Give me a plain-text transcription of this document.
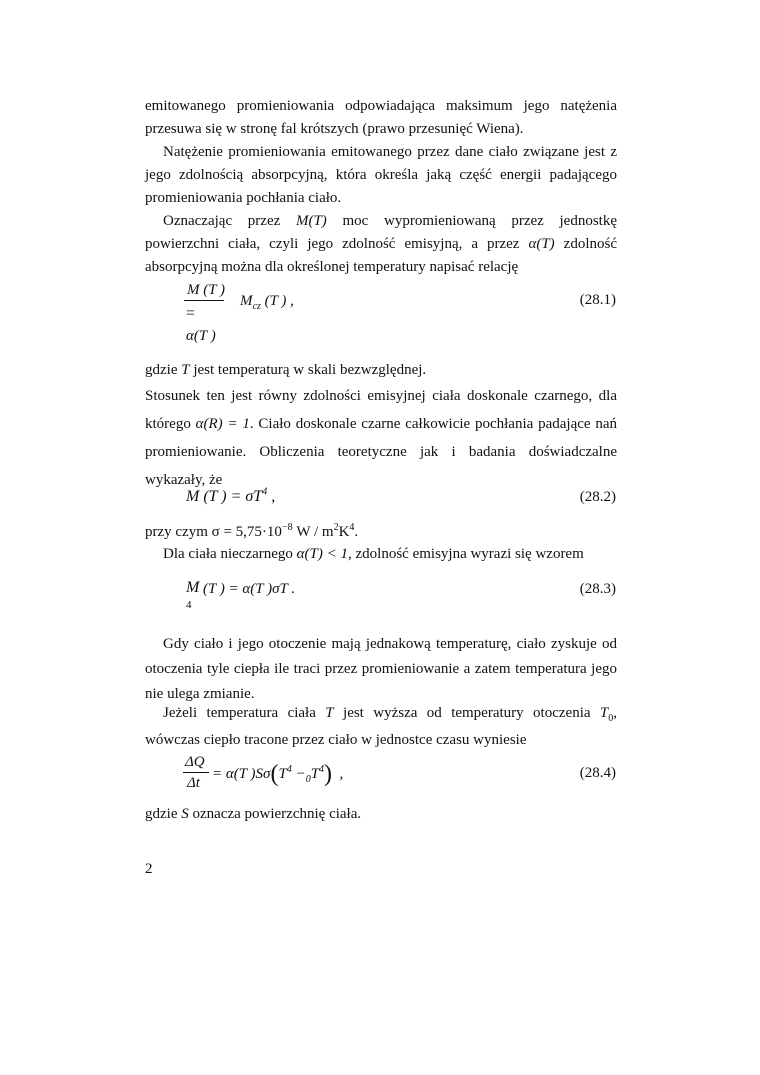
emitowanego promieniowania odpowiadająca maksimum jego natężenia przesuwa się w stronę fal krótszych (prawo przesunięć Wiena).

Natężenie promieniowania emitowanego przez dane ciało związane jest z jego zdolnością absorpcyjną, która określa jaką część energii padającego promieniowania pochłania ciało.

Oznaczając przez M(T) moc wypromieniowaną przez jednostkę powierzchni ciała, czyli jego zdolność emisyjną, a przez α(T) zdolność absorpcyjną można dla określonej temperatury napisać relację

M (T )
=
α(T )
$M_{cz}$ (T ) ,	(28.1)

gdzie T jest temperaturą w skali bezwzględnej.

Stosunek ten jest równy zdolności emisyjnej ciała doskonale czarnego, dla którego α(R) = 1. Ciało doskonale czarne całkowicie pochłania padające nań promieniowanie. Obliczenia teoretyczne jak i badania doświadczalne wykazały, że

M (T ) = $\sigma T^4$ ,	(28.2)

przy czym $\sigma = 5,75\cdot 10^{-8}$ W / $m^2K^4$.

Dla ciała nieczarnego α(T) < 1, zdolność emisyjna wyrazi się wzorem

M
4
(T ) = α(T )σT .	(28.3)

Gdy ciało i jego otoczenie mają jednakową temperaturę, ciało zyskuje od otoczenia tyle ciepła ile traci przez promieniowanie a zatem temperatura jego nie ulega zmianie.

Jeżeli temperatura ciała T jest wyższa od temperatury otoczenia $T_0$, wówczas ciepło tracone przez ciało w jednostce czasu wyniesie

ΔQ
Δt
= α(T )$S\sigma(T^4 -_0T^4)$ ,	(28.4)

gdzie S oznacza powierzchnię ciała.

2
